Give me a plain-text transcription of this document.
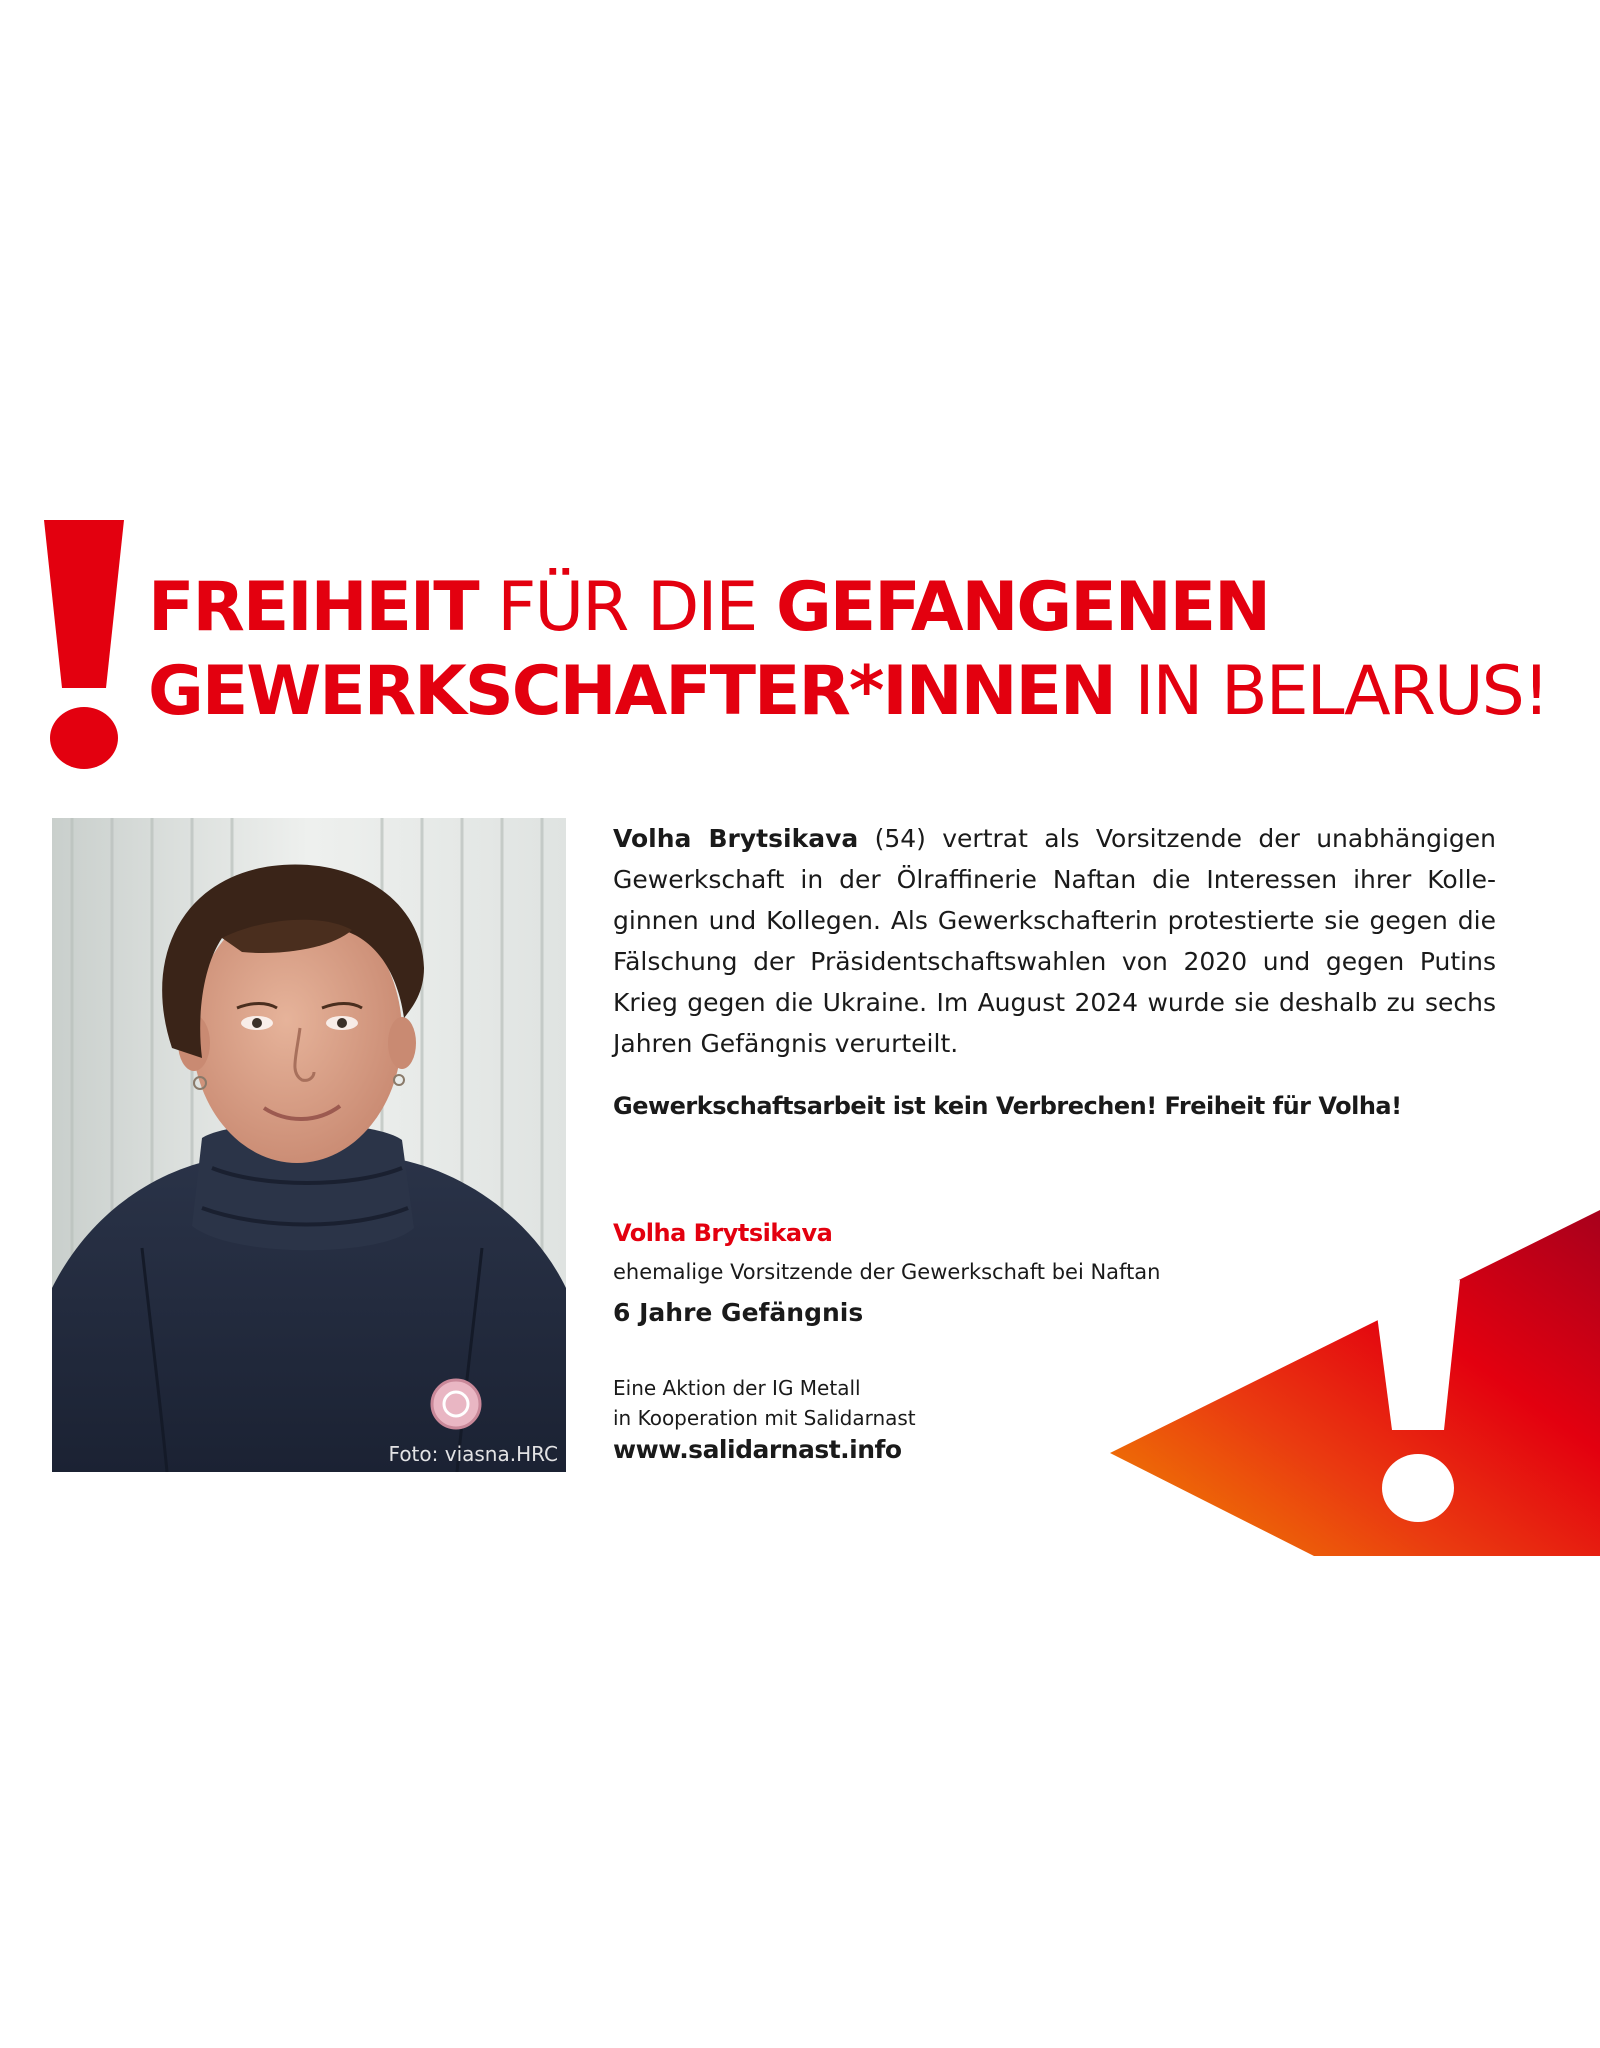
FREIHEIT FÜR DIE GEFANGENEN
GEWERKSCHAFTER*INNEN IN BELARUS!
Foto: viasna.HRC

Volha Brytsikava (54) vertrat als Vorsitzende der unabhängigen Gewerkschaft in der Ölraffinerie Naftan die Interessen ihrer Kolle-ginnen und Kollegen. Als Gewerkschafterin protestierte sie gegen die Fälschung der Präsidentschaftswahlen von 2020 und gegen Putins Krieg gegen die Ukraine. Im August 2024 wurde sie deshalb zu sechs Jahren Gefängnis verurteilt.

Gewerkschaftsarbeit ist kein Verbrechen! Freiheit für Volha!
Volha Brytsikava
ehemalige Vorsitzende der Gewerkschaft bei Naftan
6 Jahre Gefängnis
Eine Aktion der IG Metall
in Kooperation mit Salidarnast
www.salidarnast.info
